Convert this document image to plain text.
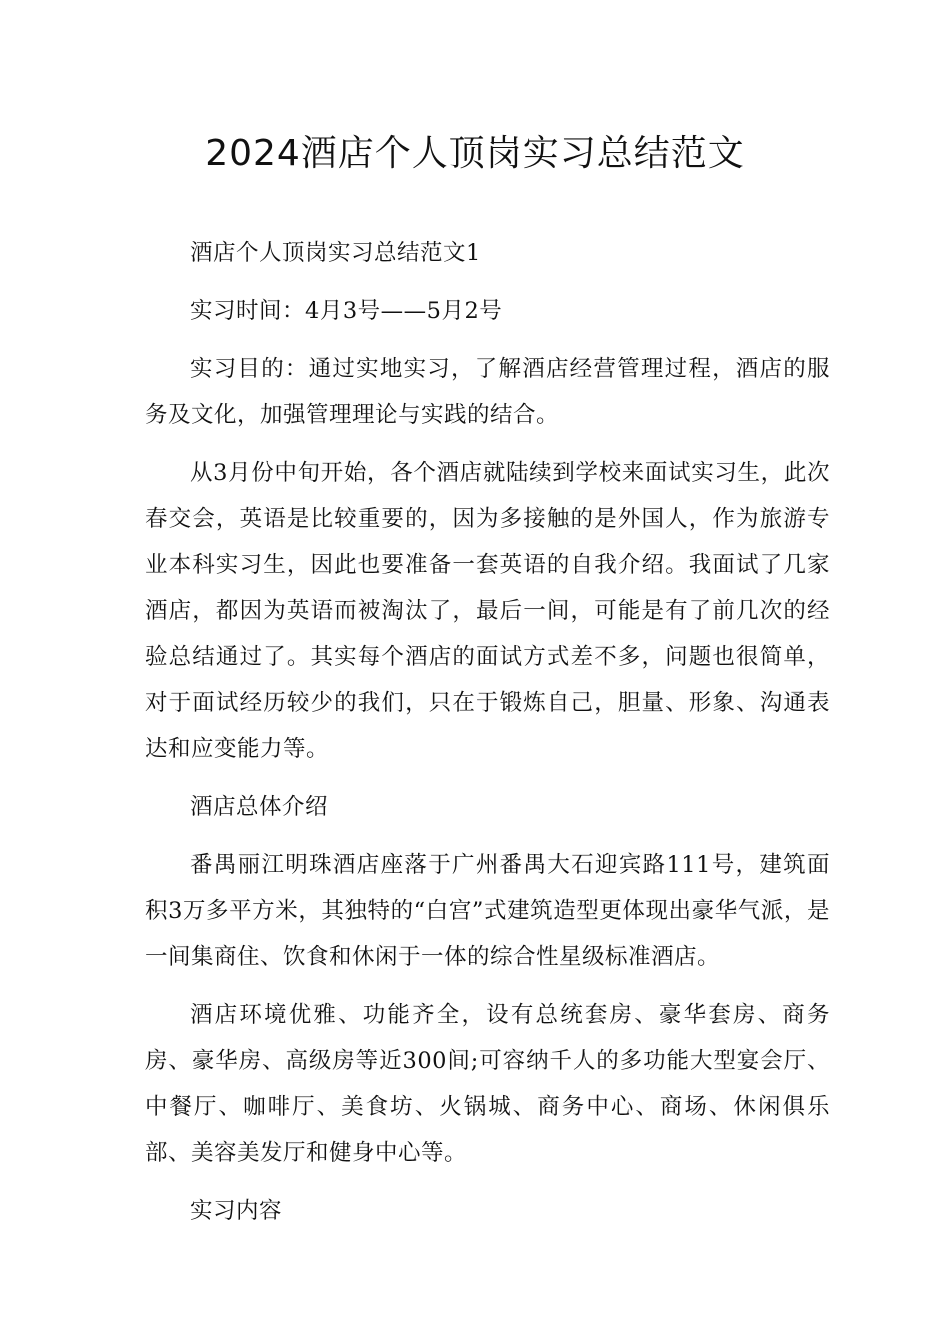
2024酒店个人顶岗实习总结范文

酒店个人顶岗实习总结范文1

实习时间：4月3号——5月2号

实习目的：通过实地实习，了解酒店经营管理过程，酒店的服务及文化，加强管理理论与实践的结合。

从3月份中旬开始，各个酒店就陆续到学校来面试实习生，此次春交会，英语是比较重要的，因为多接触的是外国人，作为旅游专业本科实习生，因此也要准备一套英语的自我介绍。我面试了几家酒店，都因为英语而被淘汰了，最后一间，可能是有了前几次的经验总结通过了。其实每个酒店的面试方式差不多，问题也很简单，对于面试经历较少的我们，只在于锻炼自己，胆量、形象、沟通表达和应变能力等。

酒店总体介绍

番禺丽江明珠酒店座落于广州番禺大石迎宾路111号，建筑面积3万多平方米，其独特的“白宫”式建筑造型更体现出豪华气派，是一间集商住、饮食和休闲于一体的综合性星级标准酒店。

酒店环境优雅、功能齐全，设有总统套房、豪华套房、商务房、豪华房、高级房等近300间;可容纳千人的多功能大型宴会厅、中餐厅、咖啡厅、美食坊、火锅城、商务中心、商场、休闲俱乐部、美容美发厅和健身中心等。

实习内容
